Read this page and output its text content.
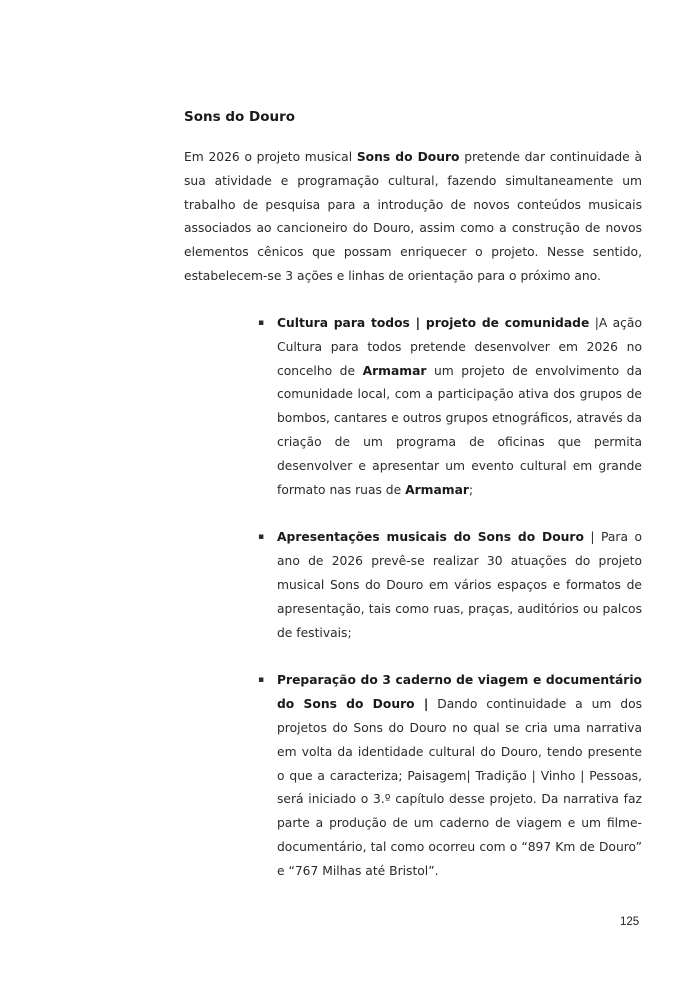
Sons do Douro

Em 2026 o projeto musical Sons do Douro pretende dar continuidade à sua atividade e programação cultural, fazendo simultaneamente um trabalho de pesquisa para a introdução de novos conteúdos musicais associados ao cancioneiro do Douro, assim como a construção de novos elementos cênicos que possam enriquecer o projeto. Nesse sentido, estabelecem-se 3 ações e linhas de orientação para o próximo ano.

▪ Cultura para todos | projeto de comunidade |A ação Cultura para todos pretende desenvolver em 2026 no concelho de Armamar um projeto de envolvimento da comunidade local, com a participação ativa dos grupos de bombos, cantares e outros grupos etnográficos, através da criação de um programa de oficinas que permita desenvolver e apresentar um evento cultural em grande formato nas ruas de Armamar;
▪ Apresentações musicais do Sons do Douro | Para o ano de 2026 prevê-se realizar 30 atuações do projeto musical Sons do Douro em vários espaços e formatos de apresentação, tais como ruas, praças, auditórios ou palcos de festivais;
▪ Preparação do 3 caderno de viagem e documentário do Sons do Douro | Dando continuidade a um dos projetos do Sons do Douro no qual se cria uma narrativa em volta da identidade cultural do Douro, tendo presente o que a caracteriza; Paisagem| Tradição | Vinho | Pessoas, será iniciado o 3.º capítulo desse projeto. Da narrativa faz parte a produção de um caderno de viagem e um filme-documentário, tal como ocorreu com o “897 Km de Douro” e “767 Milhas até Bristol”.
125
